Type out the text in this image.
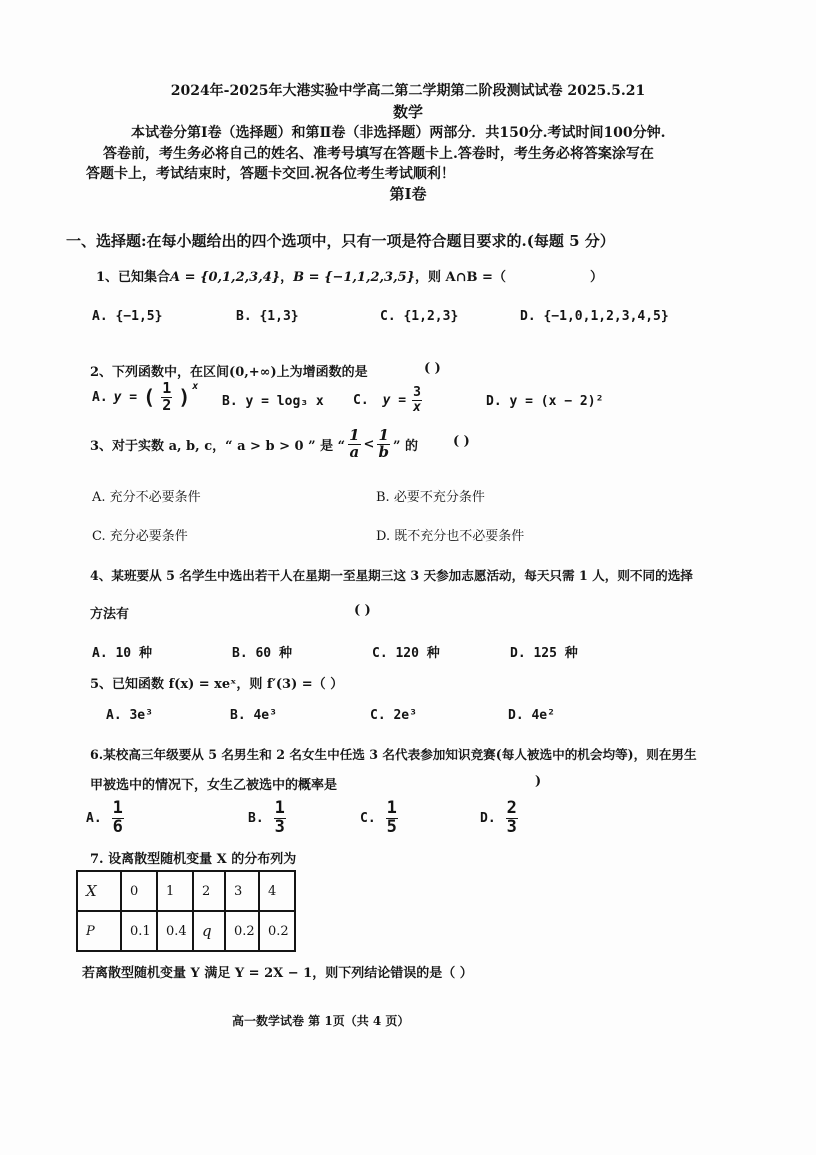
2024年-2025年大港实验中学高二第二学期第二阶段测试试卷 2025.5.21
数学
本试卷分第Ⅰ卷（选择题）和第Ⅱ卷（非选择题）两部分．共150分.考试时间100分钟.
答卷前，考生务必将自己的姓名、准考号填写在答题卡上.答卷时，考生务必将答案涂写在
答题卡上，考试结束时，答题卡交回.祝各位考生考试顺利！
第Ⅰ卷
一、选择题:在每小题给出的四个选项中，只有一项是符合题目要求的.(每题 5 分）
1、已知集合A = {0,1,2,3,4}，B = {−1,1,2,3,5}，则 A∩B =（	）
A. {−1,5}	B. {1,3}	C. {1,2,3}	D. {−1,0,1,2,3,4,5}
2、下列函数中，在区间(0,+∞)上为增函数的是	( )
A. y = ( $\frac{1}{2} )^x$
B. y = log₃ x C. $y = \frac{3}{x}$	D. y = (x − 2)²
3、对于实数 a, b, c，“ a > b > 0 ” 是 “ $\frac{1}{a} < \frac{1}{b}$ ” 的	( )
A. 充分不必要条件	B. 必要不充分条件
C. 充分必要条件	D. 既不充分也不必要条件
4、某班要从 5 名学生中选出若干人在星期一至星期三这 3 天参加志愿活动，每天只需 1 人，则不同的选择
方法有	( )
A. 10 种	B. 60 种	C. 120 种	D. 125 种
5、已知函数 f(x) = xeˣ，则 f′(3) =（ ）
A. 3e³	B. 4e³	C. 2e³	D. 4e²
6.某校高三年级要从 5 名男生和 2 名女生中任选 3 名代表参加知识竞赛(每人被选中的机会均等)，则在男生
甲被选中的情况下，女生乙被选中的概率是	)
A. $\frac{1}{6}$	B. $\frac{1}{3}$	C. $\frac{1}{5}$	D. $\frac{2}{3}$
7. 设离散型随机变量 X 的分布列为
X	0	1	2	3	4
P	0.1	0.4	q	0.2	0.2
若离散型随机变量 Y 满足 Y = 2X − 1，则下列结论错误的是（ ）
高一数学试卷 第 1页（共 4 页）
